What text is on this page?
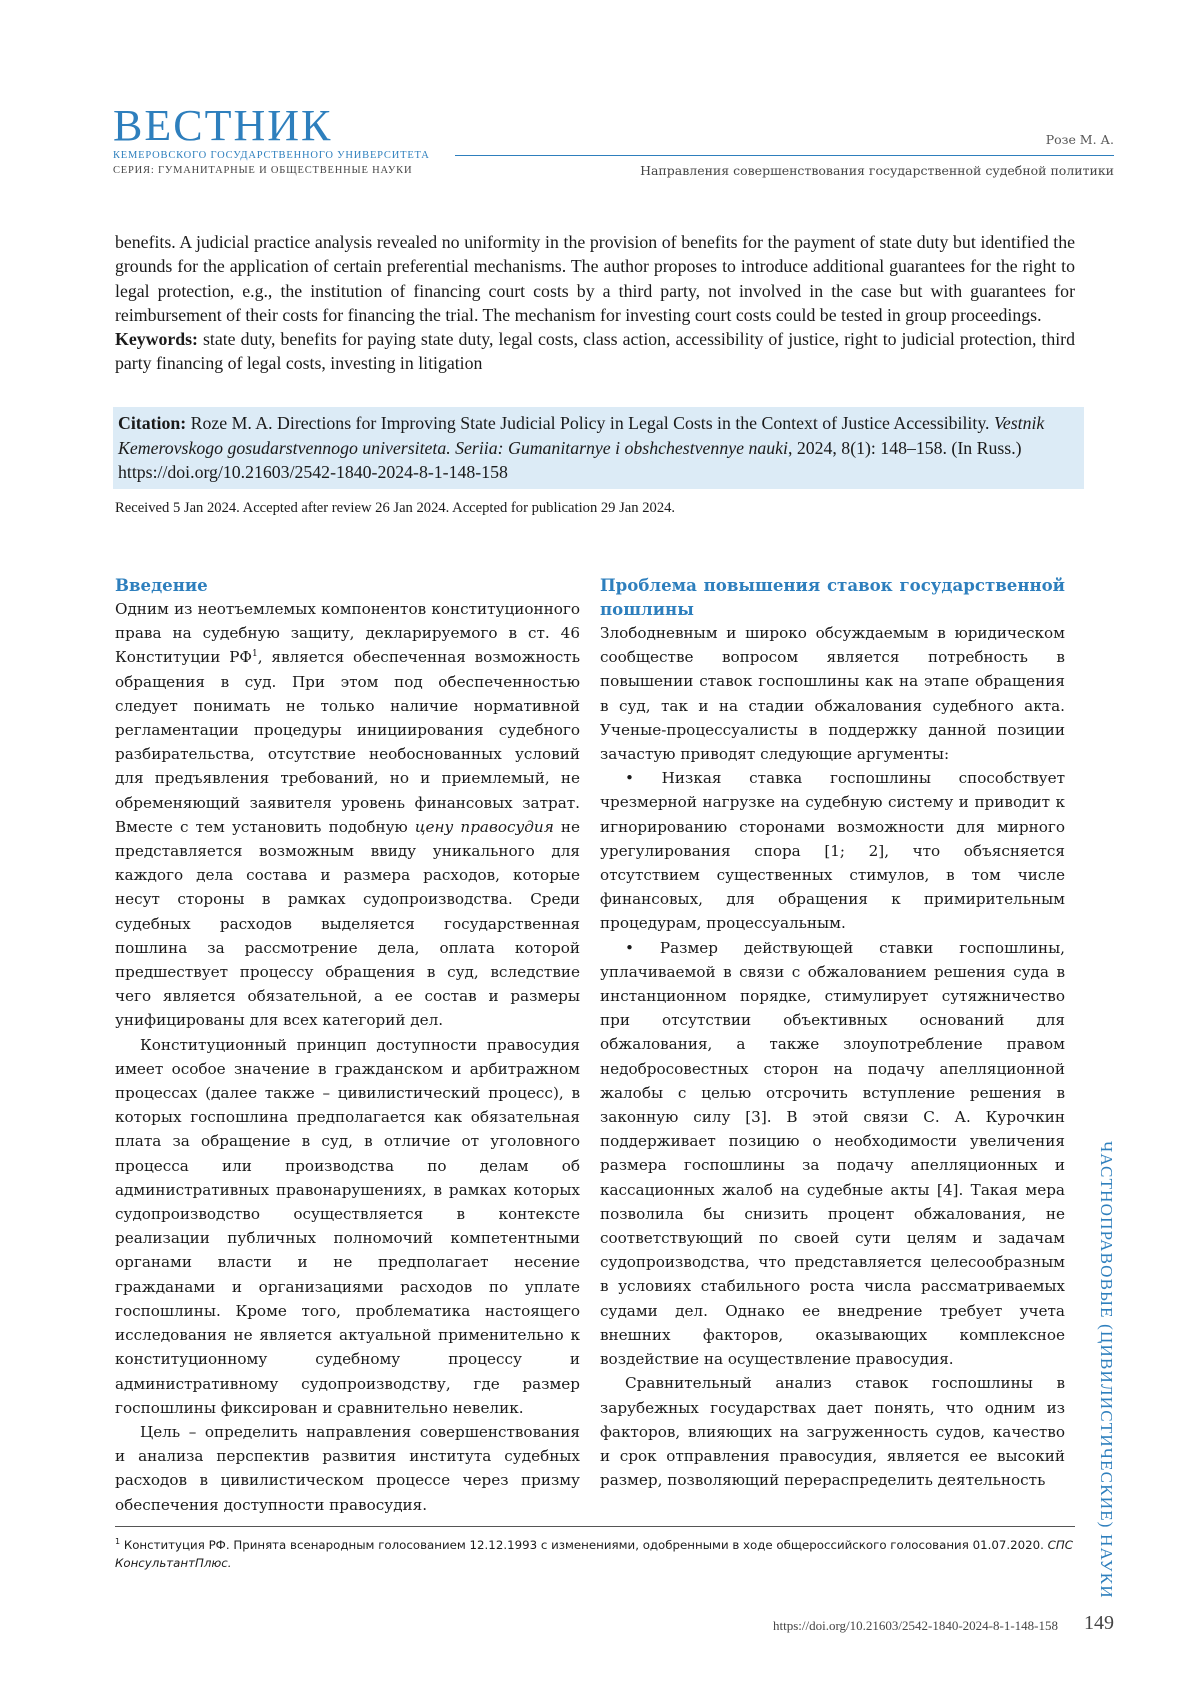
ВЕСТНИК
КЕМЕРОВСКОГО ГОСУДАРСТВЕННОГО УНИВЕРСИТЕТА
СЕРИЯ: ГУМАНИТАРНЫЕ И ОБЩЕСТВЕННЫЕ НАУКИ
Розе М. А.
Направления совершенствования государственной судебной политики
benefits. A judicial practice analysis revealed no uniformity in the provision of benefits for the payment of state duty but identified the grounds for the application of certain preferential mechanisms. The author proposes to introduce additional guarantees for the right to legal protection, e.g., the institution of financing court costs by a third party, not involved in the case but with guarantees for reimbursement of their costs for financing the trial. The mechanism for investing court costs could be tested in group proceedings.
Keywords: state duty, benefits for paying state duty, legal costs, class action, accessibility of justice, right to judicial protection, third party financing of legal costs, investing in litigation
Citation: Roze M. A. Directions for Improving State Judicial Policy in Legal Costs in the Context of Justice Accessibility. Vestnik Kemerovskogo gosudarstvennogo universiteta. Seriia: Gumanitarnye i obshchestvennye nauki, 2024, 8(1): 148–158. (In Russ.) https://doi.org/10.21603/2542-1840-2024-8-1-148-158
Received 5 Jan 2024. Accepted after review 26 Jan 2024. Accepted for publication 29 Jan 2024.

Введение

Одним из неотъемлемых компонентов конституционного права на судебную защиту, декларируемого в ст. 46 Конституции $РФ^1$, является обеспеченная возможность обращения в суд. При этом под обеспеченностью следует понимать не только наличие нормативной регламентации процедуры инициирования судебного разбирательства, отсутствие необоснованных условий для предъявления требований, но и приемлемый, не обременяющий заявителя уровень финансовых затрат. Вместе с тем установить подобную цену правосудия не представляется возможным ввиду уникального для каждого дела состава и размера расходов, которые несут стороны в рамках судопроизводства. Среди судебных расходов выделяется государственная пошлина за рассмотрение дела, оплата которой предшествует процессу обращения в суд, вследствие чего является обязательной, а ее состав и размеры унифицированы для всех категорий дел.

Конституционный принцип доступности правосудия имеет особое значение в гражданском и арбитражном процессах (далее также – цивилистический процесс), в которых госпошлина предполагается как обязательная плата за обращение в суд, в отличие от уголовного процесса или производства по делам об административных правонарушениях, в рамках которых судопроизводство осуществляется в контексте реализации публичных полномочий компетентными органами власти и не предполагает несение гражданами и организациями расходов по уплате госпошлины. Кроме того, проблематика настоящего исследования не является актуальной применительно к конституционному судебному процессу и административному судопроизводству, где размер госпошлины фиксирован и сравнительно невелик.

Цель – определить направления совершенствования и анализа перспектив развития института судебных расходов в цивилистическом процессе через призму обеспечения доступности правосудия.

Проблема повышения ставок государственной пошлины

Злободневным и широко обсуждаемым в юридическом сообществе вопросом является потребность в повышении ставок госпошлины как на этапе обращения в суд, так и на стадии обжалования судебного акта. Ученые-процессуалисты в поддержку данной позиции зачастую приводят следующие аргументы:

• Низкая ставка госпошлины способствует чрезмерной нагрузке на судебную систему и приводит к игнорированию сторонами возможности для мирного урегулирования спора [1; 2], что объясняется отсутствием существенных стимулов, в том числе финансовых, для обращения к примирительным процедурам, процессуальным.

• Размер действующей ставки госпошлины, уплачиваемой в связи с обжалованием решения суда в инстанционном порядке, стимулирует сутяжничество при отсутствии объективных оснований для обжалования, а также злоупотребление правом недобросовестных сторон на подачу апелляционной жалобы с целью отсрочить вступление решения в законную силу [3]. В этой связи С. А. Курочкин поддерживает позицию о необходимости увеличения размера госпошлины за подачу апелляционных и кассационных жалоб на судебные акты [4]. Такая мера позволила бы снизить процент обжалования, не соответствующий по своей сути целям и задачам судопроизводства, что представляется целесообразным в условиях стабильного роста числа рассматриваемых судами дел. Однако ее внедрение требует учета внешних факторов, оказывающих комплексное воздействие на осуществление правосудия.

Сравнительный анализ ставок госпошлины в зарубежных государствах дает понять, что одним из факторов, влияющих на загруженность судов, качество и срок отправления правосудия, является ее высокий размер, позволяющий перераспределить деятельность

$^1$ Конституция РФ. Принята всенародным голосованием 12.12.1993 с изменениями, одобренными в ходе общероссийского голосования 01.07.2020. СПС КонсультантПлюс.	ЧАСТНОПРАВОВЫЕ (ЦИВИЛИСТИЧЕСКИЕ) НАУКИ
https://doi.org/10.21603/2542-1840-2024-8-1-148-158 149
